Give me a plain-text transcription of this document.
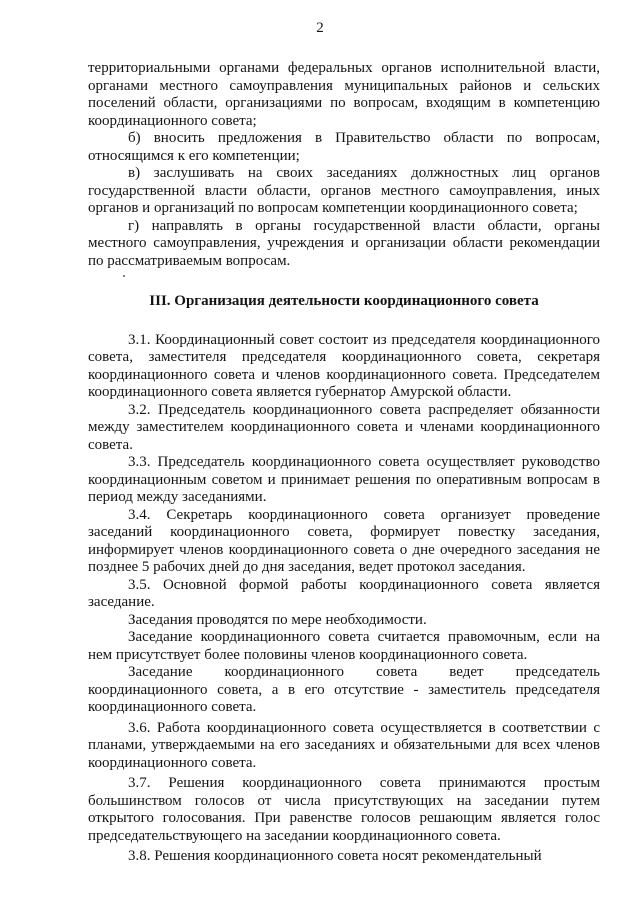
2

территориальными органами федеральных органов исполнительной власти, органами местного самоуправления муниципальных районов и сельских поселений области, организациями по вопросам, входящим в компетенцию координационного совета;

б) вносить предложения в Правительство области по вопросам, относящимся к его компетенции;

в) заслушивать на своих заседаниях должностных лиц органов государственной власти области, органов местного самоуправления, иных органов и организаций по вопросам компетенции координационного совета;

г) направлять в органы государственной власти области, органы местного самоуправления, учреждения и организации области рекомендации по рассматриваемым вопросам.

III. Организация деятельности координационного совета

3.1. Координационный совет состоит из председателя координационного совета, заместителя председателя координационного совета, секретаря координационного совета и членов координационного совета. Председателем координационного совета является губернатор Амурской области.

3.2. Председатель координационного совета распределяет обязанности между заместителем координационного совета и членами координационного совета.

3.3. Председатель координационного совета осуществляет руководство координационным советом и принимает решения по оперативным вопросам в период между заседаниями.

3.4. Секретарь координационного совета организует проведение заседаний координационного совета, формирует повестку заседания, информирует членов координационного совета о дне очередного заседания не позднее 5 рабочих дней до дня заседания, ведет протокол заседания.

3.5. Основной формой работы координационного совета является заседание.

Заседания проводятся по мере необходимости.

Заседание координационного совета считается правомочным, если на нем присутствует более половины членов координационного совета.

Заседание координационного совета ведет председатель координационного совета, а в его отсутствие - заместитель председателя координационного совета.

3.6. Работа координационного совета осуществляется в соответствии с планами, утверждаемыми на его заседаниях и обязательными для всех членов координационного совета.

3.7. Решения координационного совета принимаются простым большинством голосов от числа присутствующих на заседании путем открытого голосования. При равенстве голосов решающим является голос председательствующего на заседании координационного совета.

3.8. Решения координационного совета носят рекомендательный
